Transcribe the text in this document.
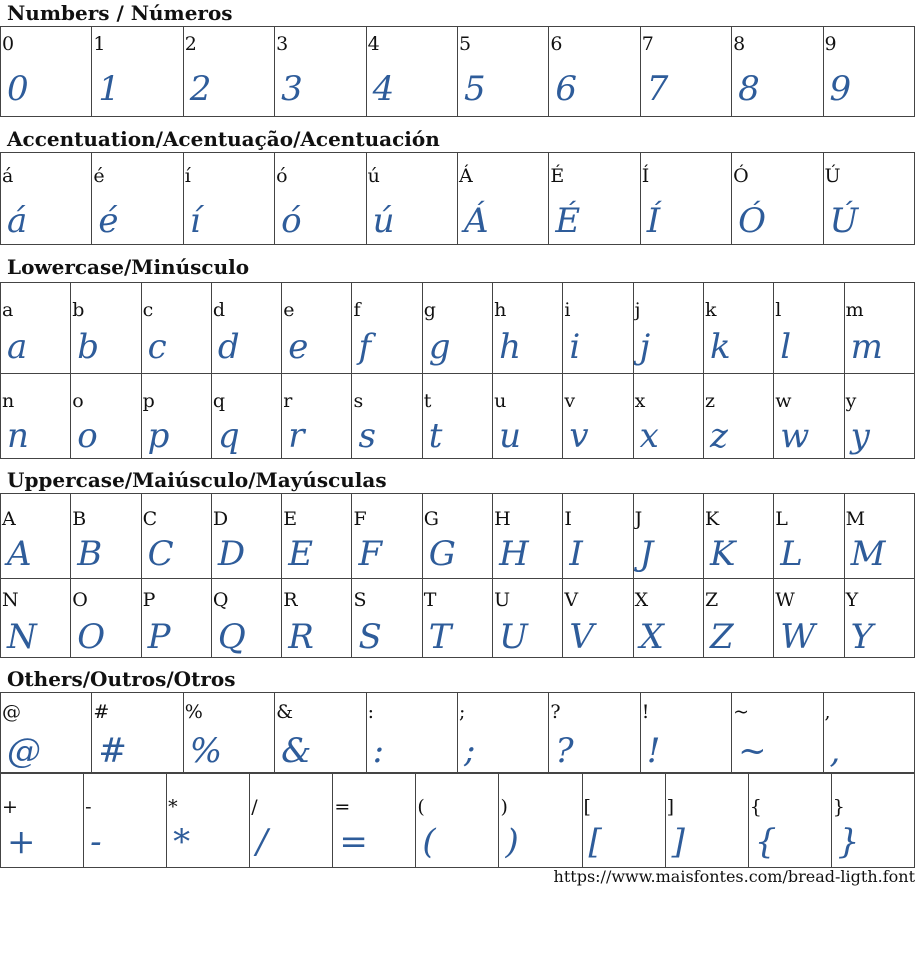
Numbers / Números
Accentuation/Acentuação/Acentuación
Lowercase/Minúsculo
Uppercase/Maiúsculo/Mayúsculas
Others/Outros/Otros
0
0
1
1
2
2
3
3
4
4
5
5
6
6
7
7
8
8
9
9
á
á
é
é
í
í
ó
ó
ú
ú
Á
Á
É
É
Í
Í
Ó
Ó
Ú
Ú
a
a
b
b
c
c
d
d
e
e
f
f
g
g
h
h
i
i
j
j
k
k
l
l
m
m
n
n
o
o
p
p
q
q
r
r
s
s
t
t
u
u
v
v
x
x
z
z
w
w
y
y
A
A
B
B
C
C
D
D
E
E
F
F
G
G
H
H
I
I
J
J
K
K
L
L
M
M
N
N
O
O
P
P
Q
Q
R
R
S
S
T
T
U
U
V
V
X
X
Z
Z
W
W
Y
Y
@
@
#
#
%
%
&
&
:
:
;
;
?
?
!
!
~
~
,
,
+
+
-
-
*
*
/
/
=
=
(
(
)
)
[
[
]
]
{
{
}
}
https://www.maisfontes.com/bread-ligth.font
